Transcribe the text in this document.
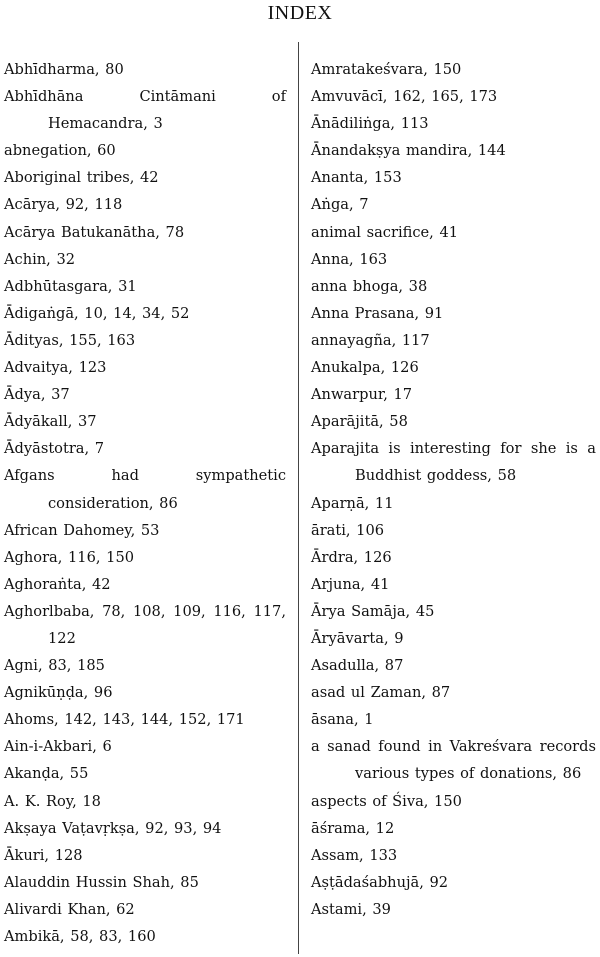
INDEX
Abhīdharma, 80
Abhīdhāna Cintāmani of Hemacandra, 3
abnegation, 60
Aboriginal tribes, 42
Acārya, 92, 118
Acārya Batukanātha, 78
Achin, 32
Adbhūtasgara, 31
Ādigaṅgā, 10, 14, 34, 52
Ādityas, 155, 163
Advaitya, 123
Ādya, 37
Ādyākall, 37
Ādyāstotra, 7
Afgans had sympathetic consideration, 86
African Dahomey, 53
Aghora, 116, 150
Aghoraṅta, 42
Aghorlbaba, 78, 108, 109, 116, 117, 122
Agni, 83, 185
Agnikūṇḍa, 96
Ahoms, 142, 143, 144, 152, 171
Ain-i-Akbari, 6
Akanḍa, 55
A. K. Roy, 18
Akṣaya Vaṭavṛkṣa, 92, 93, 94
Ākuri, 128
Alauddin Hussin Shah, 85
Alivardi Khan, 62
Ambikā, 58, 83, 160
Amratakeśvara, 150
Amvuvācī, 162, 165, 173
Ānādiliṅga, 113
Ānandakṣya mandira, 144
Ananta, 153
Aṅga, 7
animal sacrifice, 41
Anna, 163
anna bhoga, 38
Anna Prasana, 91
annayagña, 117
Anukalpa, 126
Anwarpur, 17
Aparājitā, 58
Aparajita is interesting for she is a Buddhist goddess, 58
Aparṇā, 11
ārati, 106
Ārdra, 126
Arjuna, 41
Ārya Samāja, 45
Āryāvarta, 9
Asadulla, 87
asad ul Zaman, 87
āsana, 1
a sanad found in Vakreśvara records various types of donations, 86
aspects of Śiva, 150
āśrama, 12
Assam, 133
Aṣṭādaśabhujā, 92
Astami, 39
